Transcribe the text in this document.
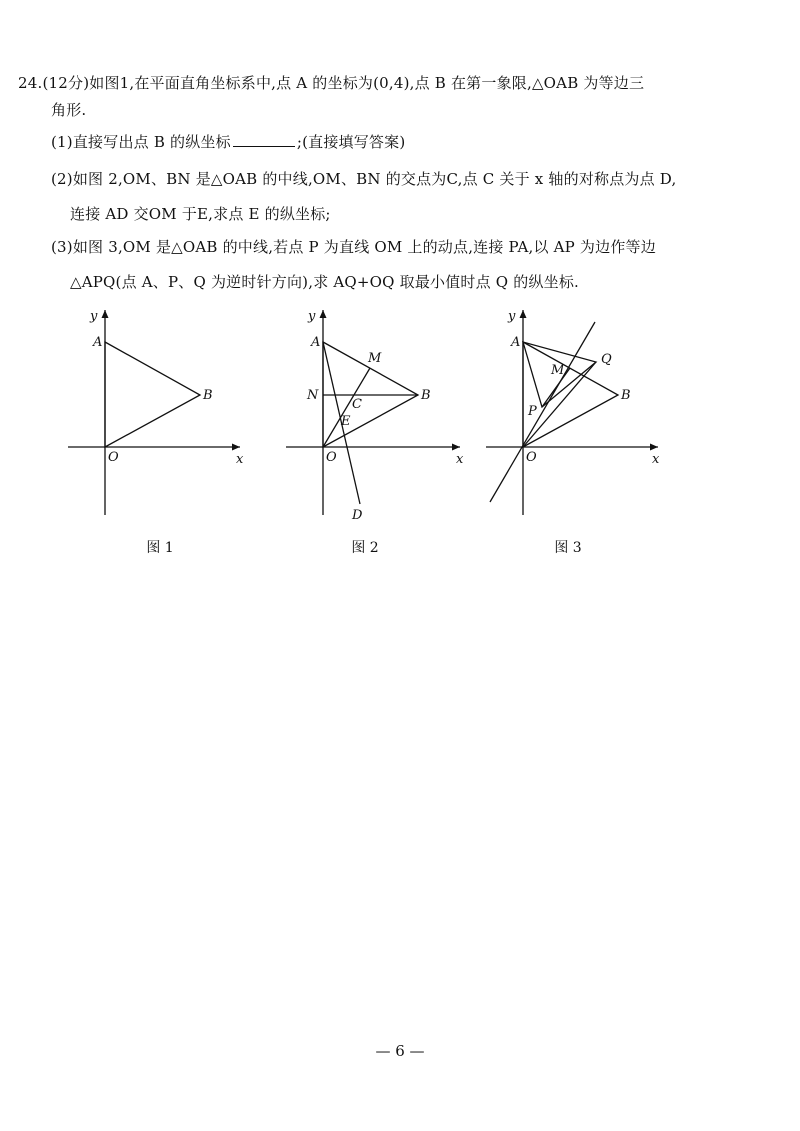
24.(12分)如图1,在平面直角坐标系中,点 A 的坐标为(0,4),点 B 在第一象限,△OAB 为等边三
角形.
(1)直接写出点 B 的纵坐标	;(直接填写答案)
(2)如图 2,OM、BN 是△OAB 的中线,OM、BN 的交点为C,点 C 关于 x 轴的对称点为点 D,
连接 AD 交OM 于E,求点 E 的纵坐标;
(3)如图 3,OM 是△OAB 的中线,若点 P 为直线 OM 上的动点,连接 PA,以 AP 为边作等边
△APQ(点 A、P、Q 为逆时针方向),求 AQ+OQ 取最小值时点 Q 的纵坐标.
y
x
O
A
B
图 1
y
x
O
A
B
M
N
C
E
D
图 2
y
x
O
A
B
M
P
Q
图 3
— 6 —
